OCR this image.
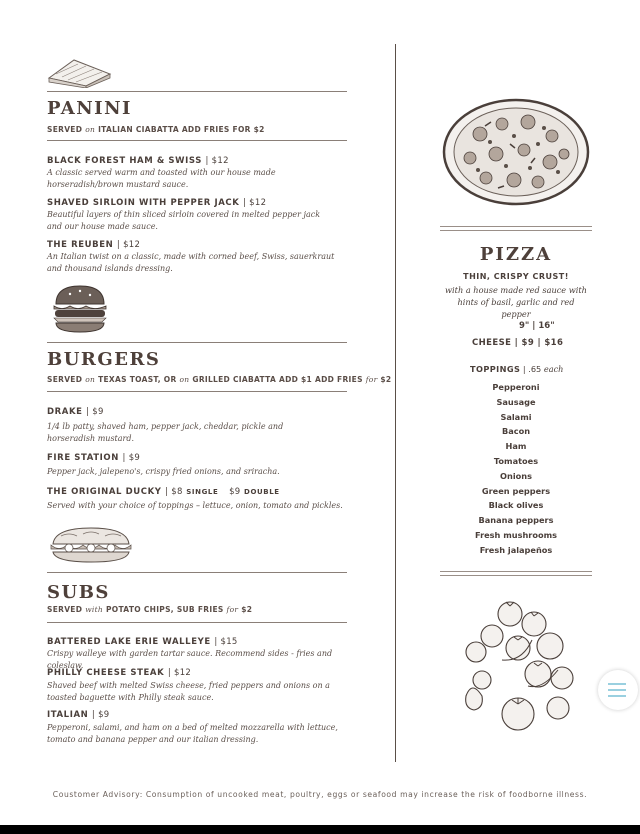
PANINI
SERVED on ITALIAN CIABATTA ADD FRIES FOR $2
BLACK FOREST HAM & SWISS | $12
A classic served warm and toasted with our house made horseradish/brown mustard sauce.
SHAVED SIRLOIN WITH PEPPER JACK | $12
Beautiful layers of thin sliced sirloin covered in melted pepper jack and our house made sauce.
THE REUBEN | $12
An Italian twist on a classic, made with corned beef, Swiss, sauerkraut and thousand islands dressing.
BURGERS
SERVED on TEXAS TOAST, OR on GRILLED CIABATTA ADD $1 ADD FRIES for $2
DRAKE | $9
1/4 lb patty, shaved ham, pepper jack, cheddar, pickle and horseradish mustard.
FIRE STATION | $9
Pepper jack, jalepeno's, crispy fried onions, and sriracha.
THE ORIGINAL DUCKY | $8 SINGLE $9 DOUBLE
Served with your choice of toppings – lettuce, onion, tomato and pickles.
SUBS
SERVED with POTATO CHIPS, SUB FRIES for $2
BATTERED LAKE ERIE WALLEYE | $15
Crispy walleye with garden tartar sauce. Recommend sides - fries and coleslaw.
PHILLY CHEESE STEAK | $12
Shaved beef with melted Swiss cheese, fried peppers and onions on a toasted baguette with Philly steak sauce.
ITALIAN | $9
Pepperoni, salami, and ham on a bed of melted mozzarella with lettuce, tomato and banana pepper and our italian dressing.
PIZZA
THIN, CRISPY CRUST!
with a house made red sauce with hints of basil, garlic and red pepper
9" | 16"
CHEESE | $9 | $16
TOPPINGS | .65 each
Pepperoni
Sausage
Salami
Bacon
Ham
Tomatoes
Onions
Green peppers
Black olives
Banana peppers
Fresh mushrooms
Fresh jalapeños
Coustomer Advisory: Consumption of uncooked meat, poultry, eggs or seafood may increase the risk of foodborne illness.
